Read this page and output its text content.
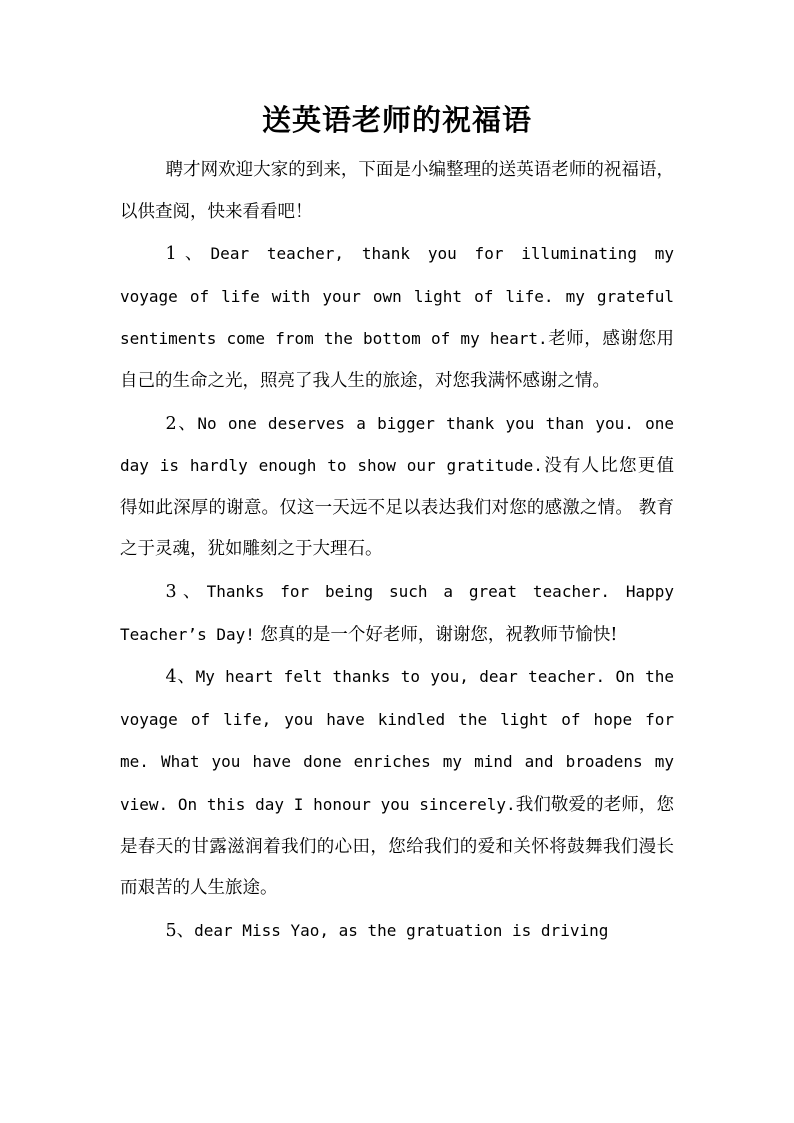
送英语老师的祝福语

聘才网欢迎大家的到来，下面是小编整理的送英语老师的祝福语，以供查阅，快来看看吧！

1、Dear teacher, thank you for illuminating my voyage of life with your own light of life. my grateful sentiments come from the bottom of my heart.老师，感谢您用自己的生命之光，照亮了我人生的旅途，对您我满怀感谢之情。

2、No one deserves a bigger thank you than you. one day is hardly enough to show our gratitude.没有人比您更值得如此深厚的谢意。仅这一天远不足以表达我们对您的感激之情。 教育之于灵魂，犹如雕刻之于大理石。

3、Thanks for being such a great teacher. Happy Teacher’s Day! 您真的是一个好老师，谢谢您，祝教师节愉快!

4、My heart felt thanks to you, dear teacher. On the voyage of life, you have kindled the light of hope for me. What you have done enriches my mind and broadens my view. On this day I honour you sincerely.我们敬爱的老师，您是春天的甘露滋润着我们的心田，您给我们的爱和关怀将鼓舞我们漫长而艰苦的人生旅途。

5、dear Miss Yao, as the gratuation is driving
